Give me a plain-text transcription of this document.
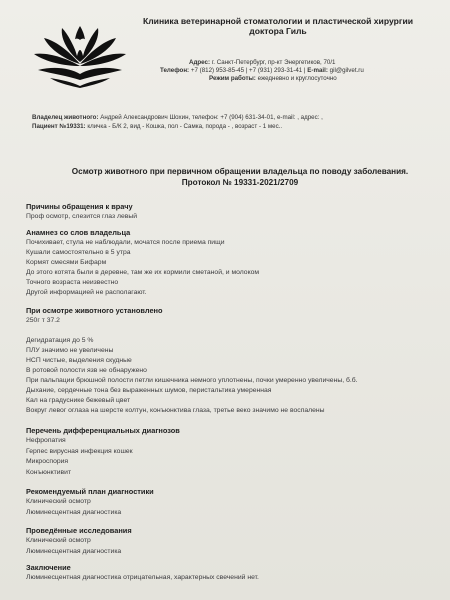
Клиника ветеринарной стоматологии и пластической хирургии
доктора Гиль
Адрес: г. Санкт-Петербург, пр-кт Энергетиков, 70/1
Телефон: +7 (812) 953-85-45 | +7 (931) 293-31-41 | E-mail: gil@gilvet.ru
Режим работы: ежедневно и круглосуточно
Владелец животного: Андрей Александрович Шохин, телефон: +7 (904) 631-34-01, e-mail: , адрес: ,
Пациент №19331: кличка - Б/К 2, вид - Кошка, пол - Самка, порода - , возраст - 1 мес..
Осмотр животного при первичном обращении владельца по поводу заболевания.
Протокол № 19331-2021/2709
Причины обращения к врачу
Проф осмотр, слезится глаз левый
Анамнез со слов владельца
Почихивает, стула не наблюдали, мочатся после приема пищи
Кушали самостоятельно в 5 утра
Кормят смесями Бифарм
До этого котята были в деревне, там же их кормили сметаной, и молоком
Точного возраста неизвестно
Другой информацией не располагают.
При осмотре животного установлено
250г т 37.2
Дегидратация до 5 %
ПЛУ значимо не увеличены
НСП чистые, выделения скудные
В ротовой полости язв не обнаружено
При пальпации брюшной полости петли кишечника немного уплотнены, почки умеренно увеличены, б.б.
Дыхание, сердечные тона без выраженных шумов, перистальтика умеренная
Кал на градуснике бежевый цвет
Вокруг левог оглаза на шерсте колтун, конъюнктива глаза, третье веко значимо не воспалены
Перечень дифференциальных диагнозов
Нефропатия
Герпес вирусная инфекция кошек
Микроспория
Конъюнктивит
Рекомендуемый план диагностики
Клинический осмотр
Люминесцентная диагностика
Проведённые исследования
Клинический осмотр
Люминесцентная диагностика
Заключение
Люминесцентная диагностика отрицательная, характерных свечений нет.
